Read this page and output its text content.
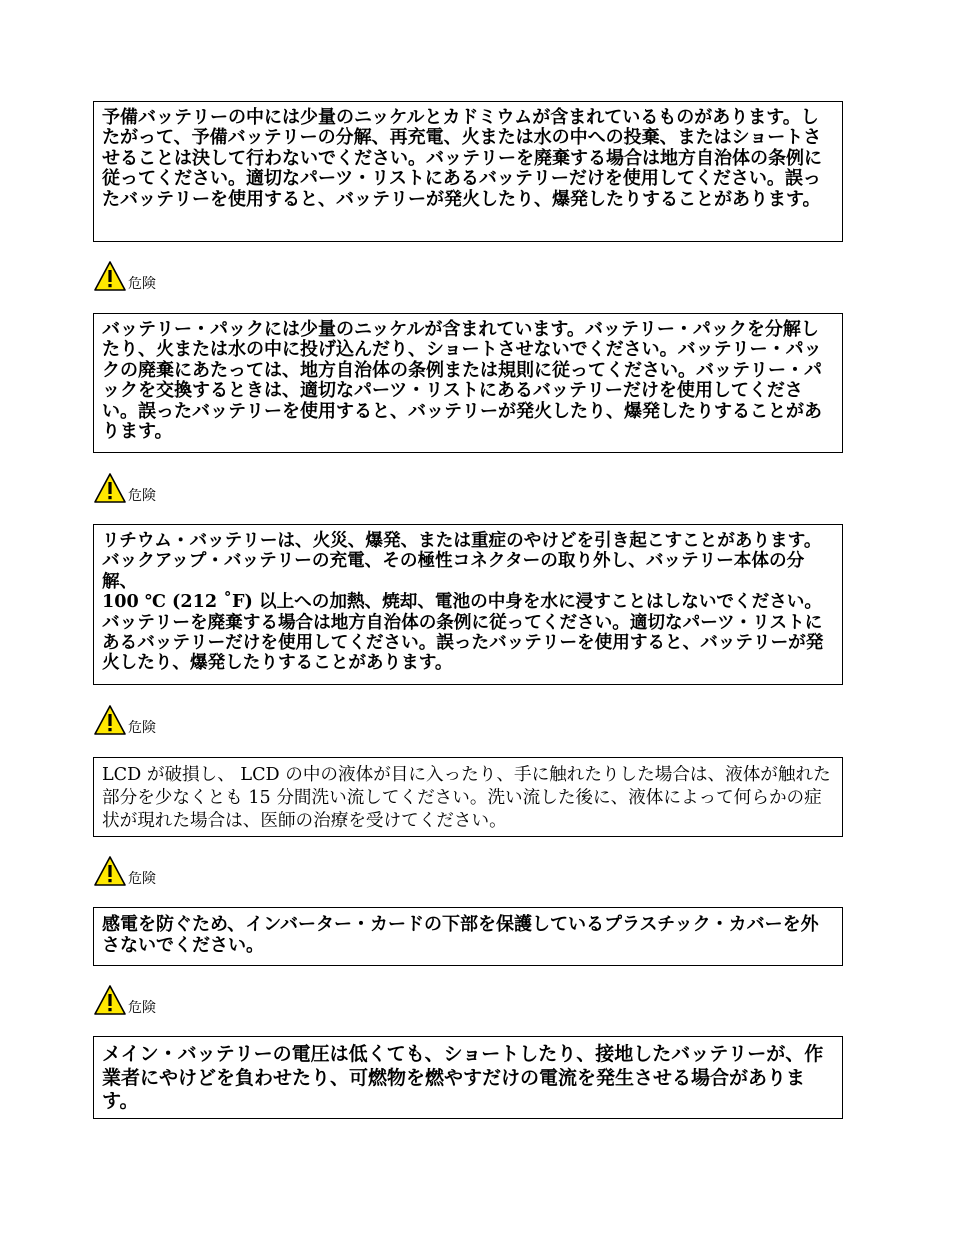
予備バッテリーの中には少量のニッケルとカドミウムが含まれているものがあります。したがって、予備バッテリーの分解、再充電、火または水の中への投棄、またはショートさせることは決して行わないでください。バッテリーを廃棄する場合は地方自治体の条例に従ってください。適切なパーツ・リストにあるバッテリーだけを使用してください。誤ったバッテリーを使用すると、バッテリーが発火したり、爆発したりすることがあります。

危険

バッテリー・パックには少量のニッケルが含まれています。バッテリー・パックを分解したり、火または水の中に投げ込んだり、ショートさせないでください。バッテリー・パックの廃棄にあたっては、地方自治体の条例または規則に従ってください。バッテリー・パックを交換するときは、適切なパーツ・リストにあるバッテリーだけを使用してください。誤ったバッテリーを使用すると、バッテリーが発火したり、爆発したりすることがあります。

危険

リチウム・バッテリーは、火災、爆発、または重症のやけどを引き起こすことがあります。バックアップ・バッテリーの充電、その極性コネクターの取り外し、バッテリー本体の分解、

100 ℃ (212 ˚F) 以上への加熱、焼却、電池の中身を水に浸すことはしないでください。バッテリーを廃棄する場合は地方自治体の条例に従ってください。適切なパーツ・リストにあるバッテリーだけを使用してください。誤ったバッテリーを使用すると、バッテリーが発火したり、爆発したりすることがあります。

危険

LCD が破損し、 LCD の中の液体が目に入ったり、手に触れたりした場合は、液体が触れた部分を少なくとも 15 分間洗い流してください。洗い流した後に、液体によって何らかの症状が現れた場合は、医師の治療を受けてください。

危険

感電を防ぐため、インバーター・カードの下部を保護しているプラスチック・カバーを外さないでください。

危険

メイン・バッテリーの電圧は低くても、ショートしたり、接地したバッテリーが、作業者にやけどを負わせたり、可燃物を燃やすだけの電流を発生させる場合があります。
